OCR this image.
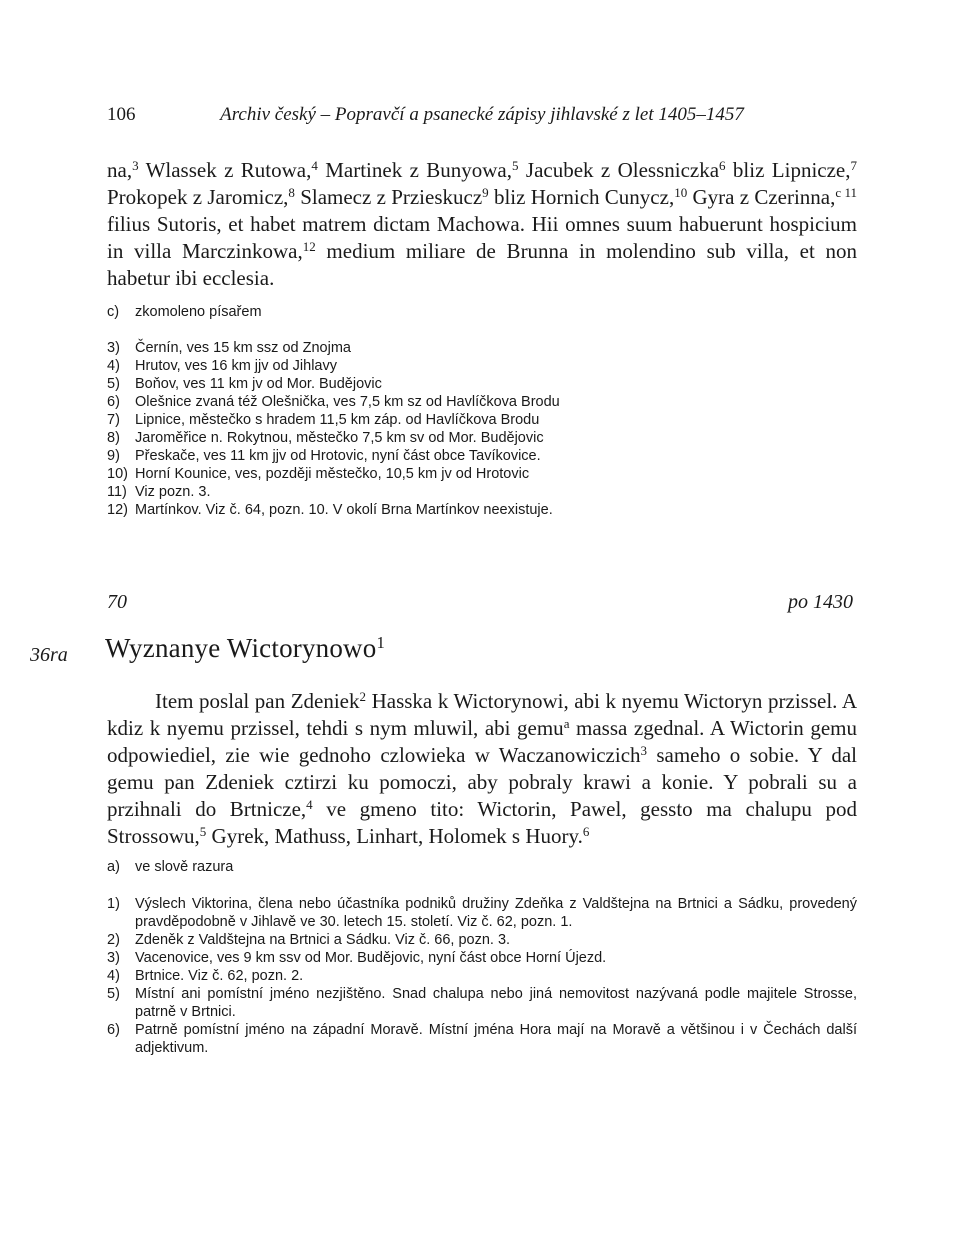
106	Archiv český – Popravčí a psanecké zápisy jihlavské z let 1405–1457

na,$^3$ Wlassek z Rutowa,$^4$ Martinek z Bunyowa,$^5$ Jacubek z Olessniczka$^6$ bliz Lipnicze,$^7$ Prokopek z Jaromicz,$^8$ Slamecz z Przieskucz$^9$ bliz Hornich Cunycz,$^{10}$ Gyra z Czerinna,$^{c 11}$ filius Sutoris, et habet matrem dictam Machowa. Hii omnes suum habuerunt hospicium in villa Marczinkowa,$^{12}$ medium miliare de Brunna in molendino sub villa, et non habetur ibi ecclesia.

c)	zkomoleno písařem
3)	Černín, ves 15 km ssz od Znojma
4)	Hrutov, ves 16 km jjv od Jihlavy
5)	Boňov, ves 11 km jv od Mor. Budějovic
6)	Olešnice zvaná též Olešnička, ves 7,5 km sz od Havlíčkova Brodu
7)	Lipnice, městečko s hradem 11,5 km záp. od Havlíčkova Brodu
8)	Jaroměřice n. Rokytnou, městečko 7,5 km sv od Mor. Budějovic
9)	Přeskače, ves 11 km jjv od Hrotovic, nyní část obce Tavíkovice.
10) Horní Kounice, ves, později městečko, 10,5 km jv od Hrotovic
11) Viz pozn. 3.
12) Martínkov. Viz č. 64, pozn. 10. V okolí Brna Martínkov neexistuje.
70	po 1430
36ra Wyznanye Wictorynowo$^1$

Item poslal pan Zdeniek$^2$ Hasska k Wictorynowi, abi k nyemu Wictoryn przissel. A kdiz k nyemu przissel, tehdi s nym mluwil, abi gemu$^a$ massa zgednal. A Wictorin gemu odpowiediel, zie wie gednoho czlowieka w Waczanowiczich$^3$ sameho o sobie. Y dal gemu pan Zdeniek cztirzi ku pomoczi, aby pobraly krawi a konie. Y pobrali su a przihnali do Brtnicze,$^4$ ve gmeno tito: Wictorin, Pawel, gessto ma chalupu pod Strossowu,$^5$ Gyrek, Mathuss, Linhart, Holomek s Huory.$^6$

a)	ve slově razura
1)	Výslech Viktorina, člena nebo účastníka podniků družiny Zdeňka z Valdštejna na Brtnici a Sádku, provedený pravděpodobně v Jihlavě ve 30. letech 15. století. Viz č. 62, pozn. 1.
2)	Zdeněk z Valdštejna na Brtnici a Sádku. Viz č. 66, pozn. 3.
3)	Vacenovice, ves 9 km ssv od Mor. Budějovic, nyní část obce Horní Újezd.
4)	Brtnice. Viz č. 62, pozn. 2.
5)	Místní ani pomístní jméno nezjištěno. Snad chalupa nebo jiná nemovitost nazývaná podle majitele Strosse, patrně v Brtnici.
6)	Patrně pomístní jméno na západní Moravě. Místní jména Hora mají na Moravě a většinou i v Čechách další adjektivum.
